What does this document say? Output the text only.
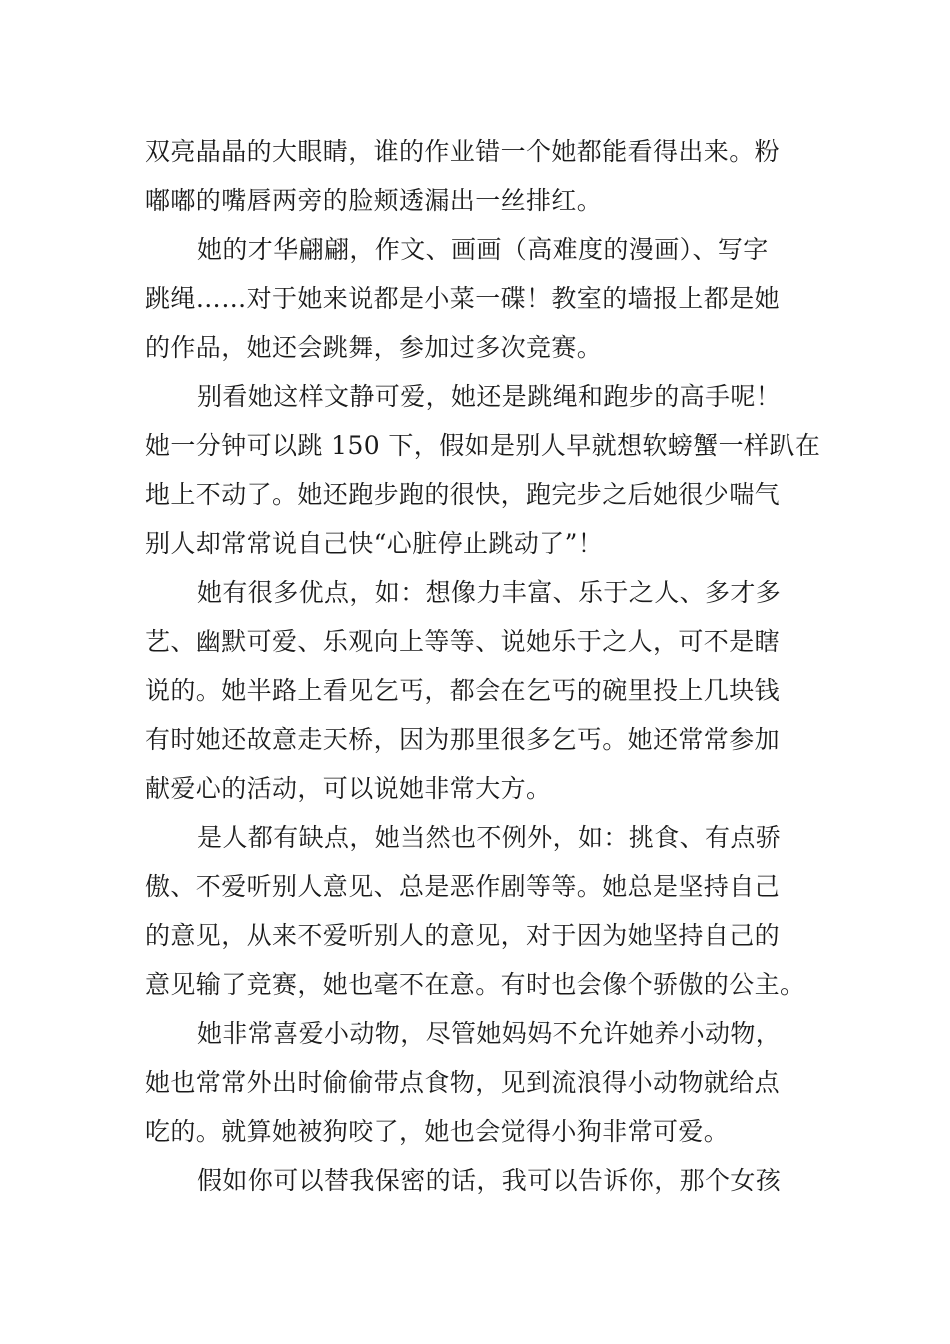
双亮晶晶的大眼睛，谁的作业错一个她都能看得出来。粉
嘟嘟的嘴唇两旁的脸颊透漏出一丝排红。

她的才华翩翩，作文、画画（高难度的漫画）、写字
跳绳……对于她来说都是小菜一碟！教室的墙报上都是她
的作品，她还会跳舞，参加过多次竞赛。

别看她这样文静可爱，她还是跳绳和跑步的高手呢！
她一分钟可以跳 150 下，假如是别人早就想软螃蟹一样趴在
地上不动了。她还跑步跑的很快，跑完步之后她很少喘气
别人却常常说自己快“心脏停止跳动了”！

她有很多优点，如：想像力丰富、乐于之人、多才多
艺、幽默可爱、乐观向上等等、说她乐于之人，可不是瞎
说的。她半路上看见乞丐，都会在乞丐的碗里投上几块钱
有时她还故意走天桥，因为那里很多乞丐。她还常常参加
献爱心的活动，可以说她非常大方。

是人都有缺点，她当然也不例外，如：挑食、有点骄
傲、不爱听别人意见、总是恶作剧等等。她总是坚持自己
的意见，从来不爱听别人的意见，对于因为她坚持自己的
意见输了竞赛，她也毫不在意。有时也会像个骄傲的公主。

她非常喜爱小动物，尽管她妈妈不允许她养小动物，
她也常常外出时偷偷带点食物，见到流浪得小动物就给点
吃的。就算她被狗咬了，她也会觉得小狗非常可爱。

假如你可以替我保密的话，我可以告诉你，那个女孩
